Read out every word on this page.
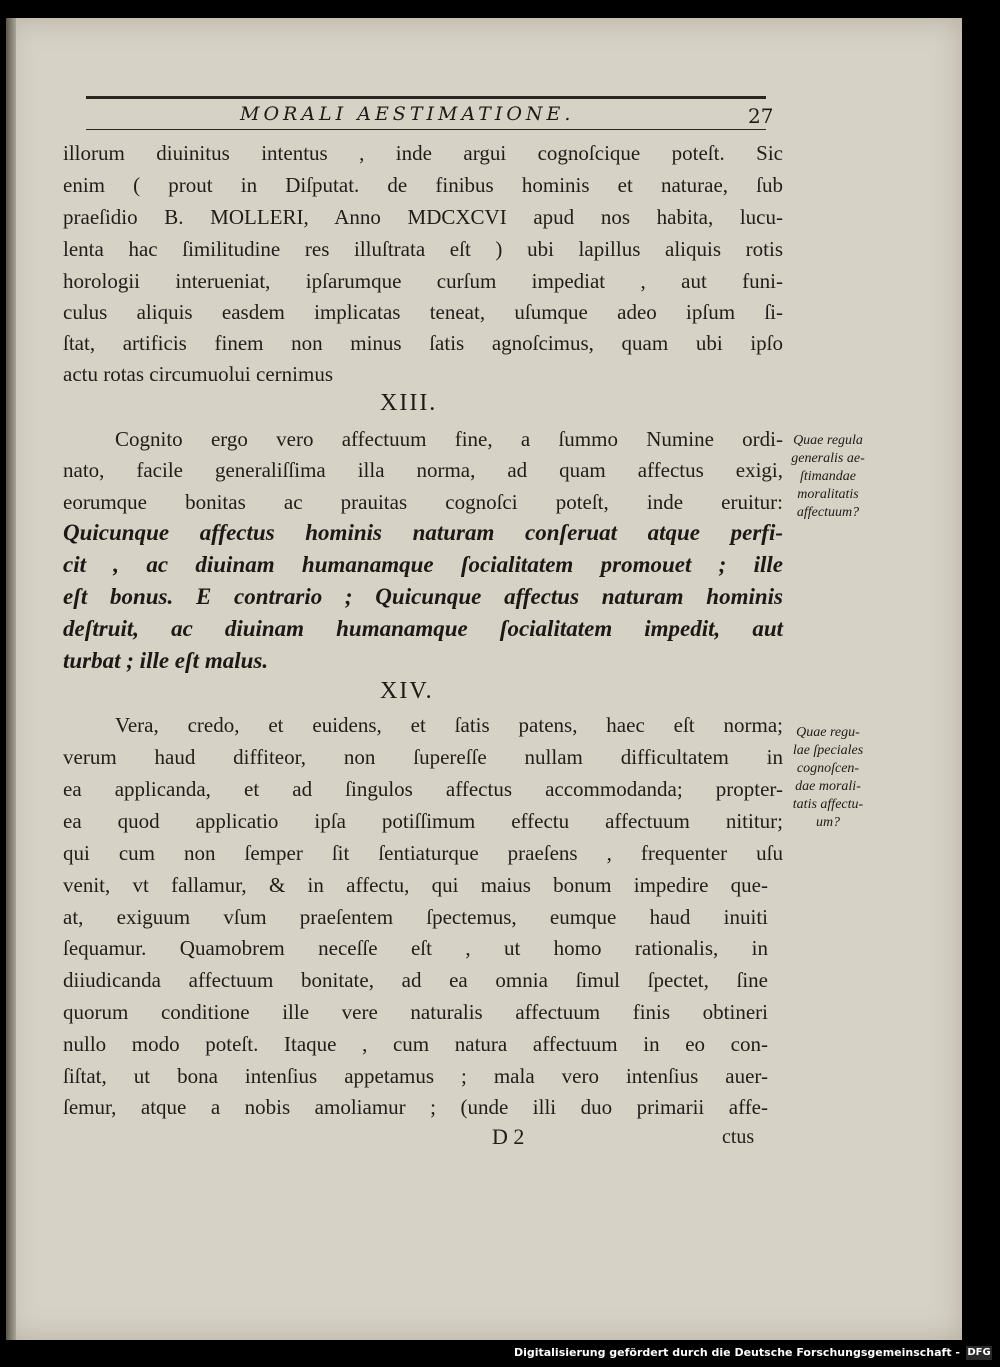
MORALI AESTIMATIONE.	27
illorum diuinitus intentus , inde argui cognoſcique poteſt. Sic
enim ( prout in Diſputat. de finibus hominis et naturae, ſub
praeſidio B. MOLLERI, Anno MDCXCVI apud nos habita, lucu-
lenta hac ſimilitudine res illuſtrata eſt ) ubi lapillus aliquis rotis
horologii interueniat, ipſarumque curſum impediat , aut funi-
culus aliquis easdem implicatas teneat, uſumque adeo ipſum ſi-
ſtat, artificis finem non minus ſatis agnoſcimus, quam ubi ipſo
actu rotas circumuolui cernimus
XIII.
Cognito ergo vero affectuum fine, a ſummo Numine ordi-
nato, facile generaliſſima illa norma, ad quam affectus exigi,
eorumque bonitas ac prauitas cognoſci poteſt, inde eruitur:
Quicunque affectus hominis naturam conſeruat atque perfi-
cit , ac diuinam humanamque ſocialitatem promouet ; ille
eſt bonus. E contrario ; Quicunque affectus naturam hominis
deſtruit, ac diuinam humanamque ſocialitatem impedit, aut
turbat ; ille eſt malus.
XIV.
Vera, credo, et euidens, et ſatis patens, haec eſt norma;
verum haud diffiteor, non ſupereſſe nullam difficultatem in
ea applicanda, et ad ſingulos affectus accommodanda; propter-
ea quod applicatio ipſa potiſſimum effectu affectuum nititur;
qui cum non ſemper ſit ſentiaturque praeſens , frequenter uſu
venit, vt fallamur, & in affectu, qui maius bonum impedire que-
at, exiguum vſum praeſentem ſpectemus, eumque haud inuiti
ſequamur. Quamobrem neceſſe eſt , ut homo rationalis, in
diiudicanda affectuum bonitate, ad ea omnia ſimul ſpectet, ſine
quorum conditione ille vere naturalis affectuum finis obtineri
nullo modo poteſt. Itaque , cum natura affectuum in eo con-
ſiſtat, ut bona intenſius appetamus ; mala vero intenſius auer-
ſemur, atque a nobis amoliamur ; (unde illi duo primarii affe-
D 2	ctus
Quae regula
generalis ae-
ſtimandae
moralitatis
affectuum?
Quae regu-
lae ſpeciales
cognoſcen-
dae morali-
tatis affectu-
um?
Digitalisierung gefördert durch die Deutsche Forschungsgemeinschaft - DFG
